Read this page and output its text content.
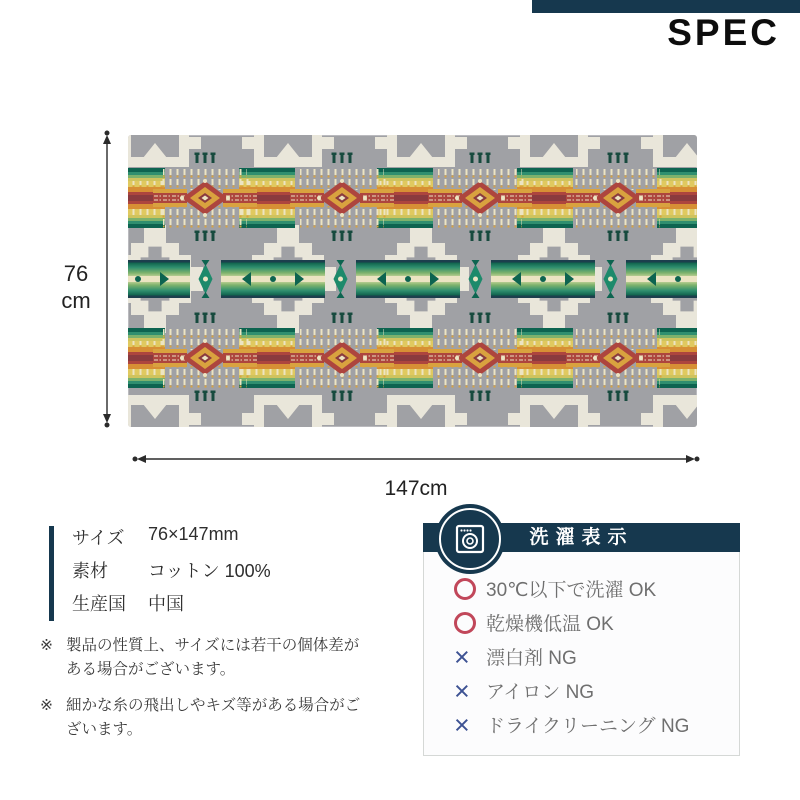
SPEC
76
cm
147cm
サイズ	76×147mm
素材	コットン 100%
生産国	中国
※ 製品の性質上、サイズには若干の個体差がある場合がございます。
※ 細かな糸の飛出しやキズ等がある場合がございます。
洗濯表示
30℃以下で洗濯 OK
乾燥機低温 OK
× 漂白剤 NG
× アイロン NG
× ドライクリーニング NG
